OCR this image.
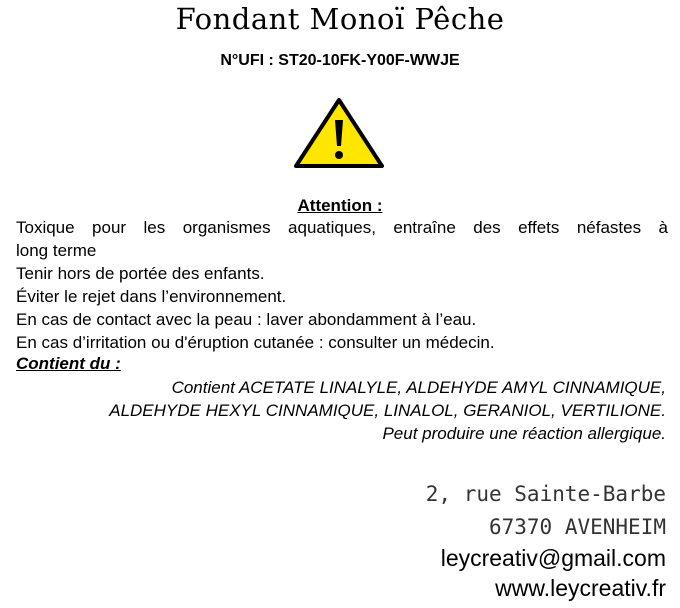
Fondant Monoï Pêche
N°UFI : ST20-10FK-Y00F-WWJE
Attention :
Toxique pour les organismes aquatiques, entraîne des effets néfastes à
long terme
Tenir hors de portée des enfants.
Éviter le rejet dans l’environnement.
En cas de contact avec la peau : laver abondamment à l’eau.
En cas d’irritation ou d'éruption cutanée : consulter un médecin.
Contient du :
Contient ACETATE LINALYLE, ALDEHYDE AMYL CINNAMIQUE,
ALDEHYDE HEXYL CINNAMIQUE, LINALOL, GERANIOL, VERTILIONE.
Peut produire une réaction allergique.
2, rue Sainte-Barbe
67370 AVENHEIM
leycreativ@gmail.com
www.leycreativ.fr
